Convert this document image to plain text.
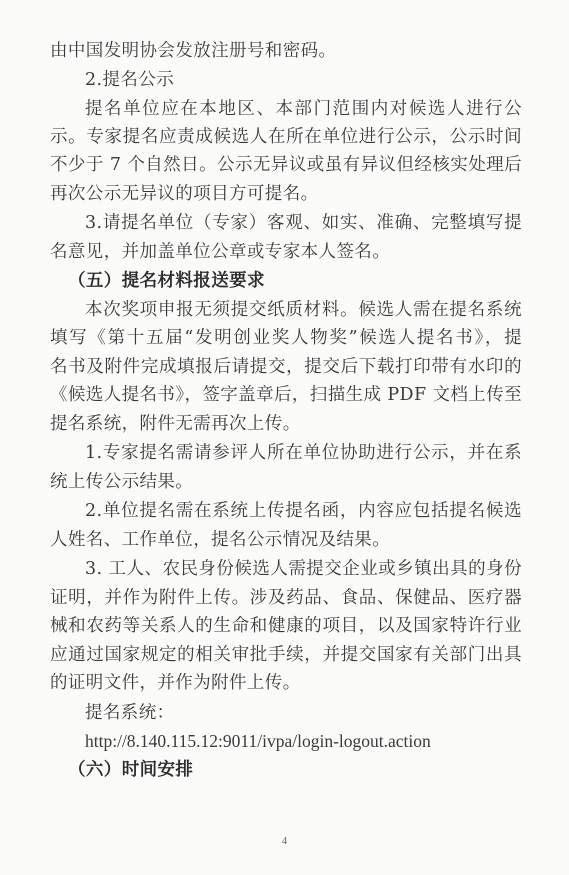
由中国发明协会发放注册号和密码。
2.提名公示
提名单位应在本地区、本部门范围内对候选人进行公
示。专家提名应责成候选人在所在单位进行公示，公示时间
不少于 7 个自然日。公示无异议或虽有异议但经核实处理后
再次公示无异议的项目方可提名。
3.请提名单位（专家）客观、如实、准确、完整填写提
名意见，并加盖单位公章或专家本人签名。
（五）提名材料报送要求
本次奖项申报无须提交纸质材料。候选人需在提名系统
填写《第十五届“发明创业奖人物奖”候选人提名书》，提
名书及附件完成填报后请提交，提交后下载打印带有水印的
《候选人提名书》，签字盖章后，扫描生成 PDF 文档上传至
提名系统，附件无需再次上传。
1.专家提名需请参评人所在单位协助进行公示，并在系
统上传公示结果。
2.单位提名需在系统上传提名函，内容应包括提名候选
人姓名、工作单位，提名公示情况及结果。
3. 工人、农民身份候选人需提交企业或乡镇出具的身份
证明，并作为附件上传。涉及药品、食品、保健品、医疗器
械和农药等关系人的生命和健康的项目，以及国家特许行业
应通过国家规定的相关审批手续，并提交国家有关部门出具
的证明文件，并作为附件上传。
提名系统：
http://8.140.115.12:9011/ivpa/login-logout.action
（六）时间安排
4
